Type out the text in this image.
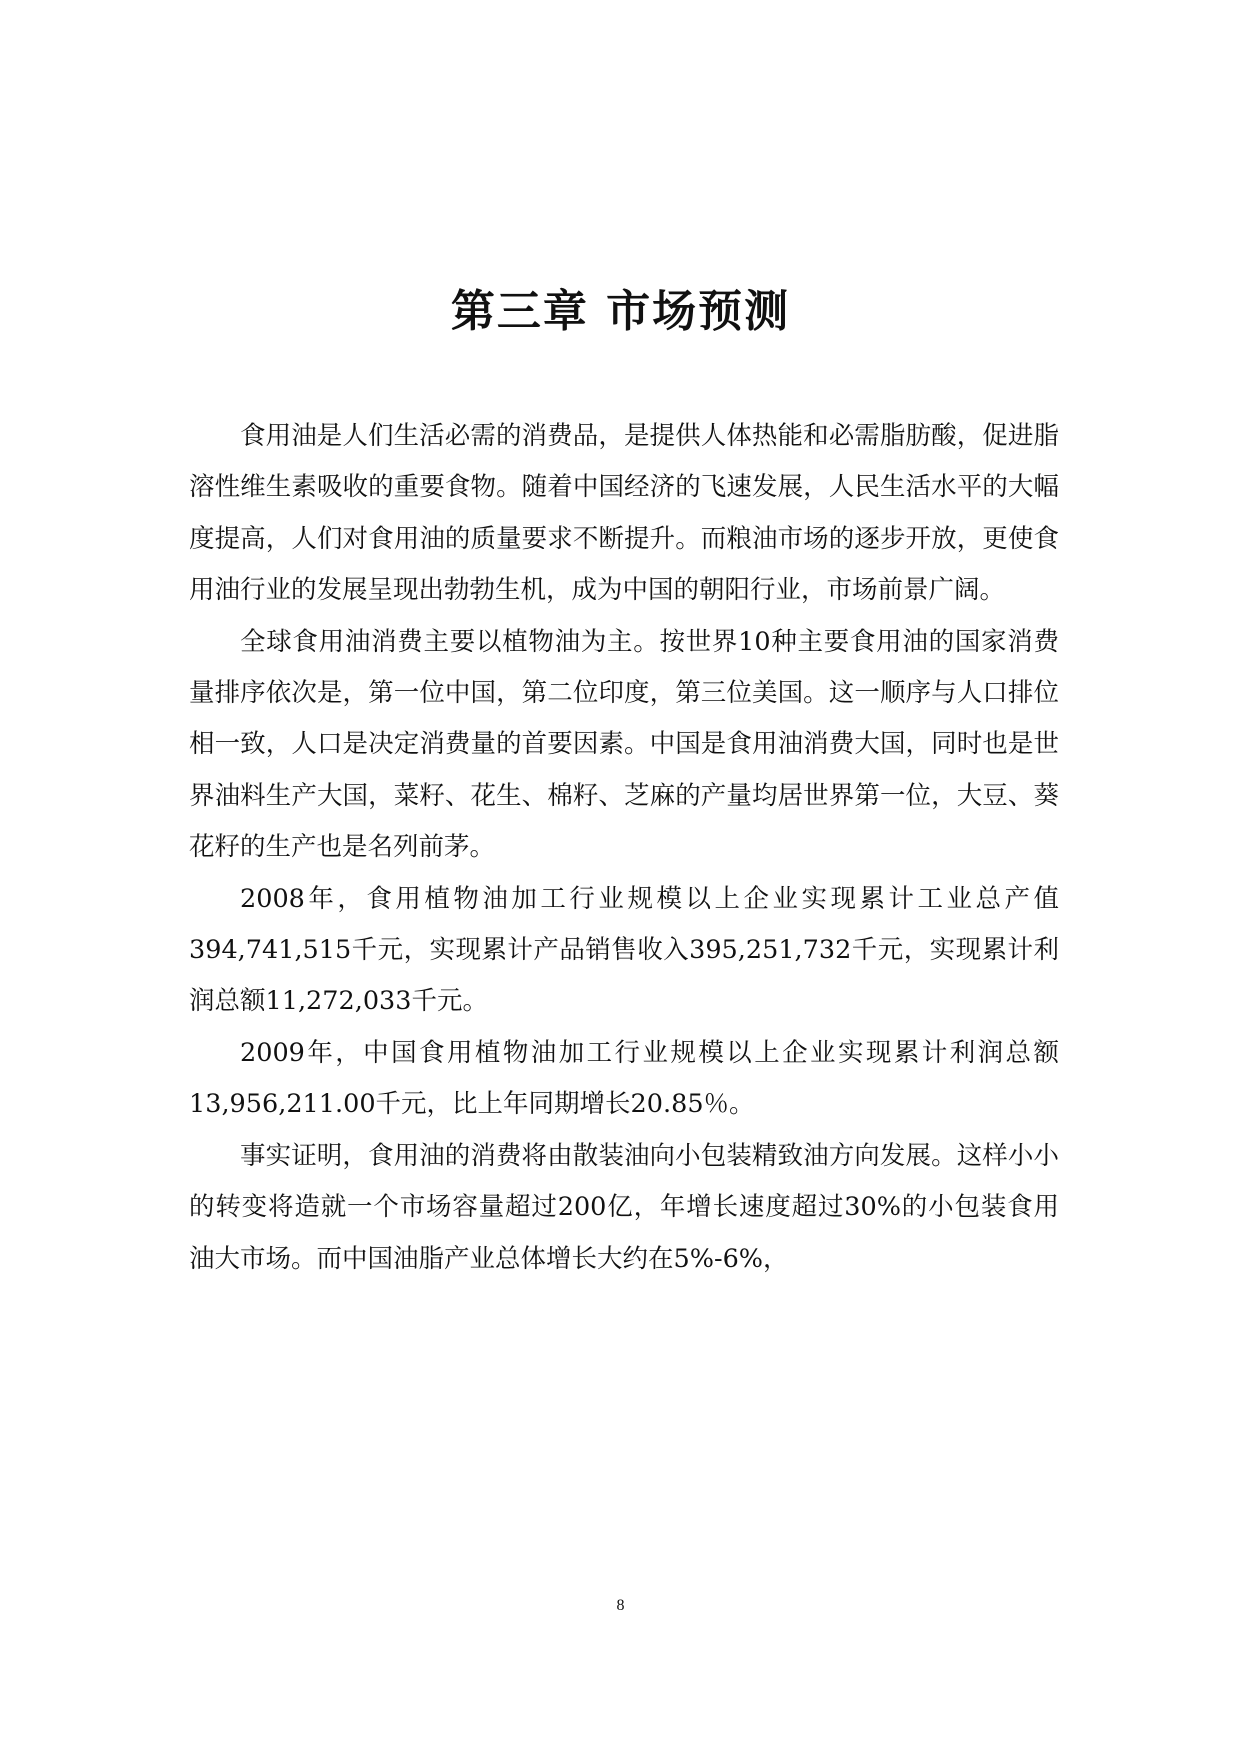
第三章 市场预测

食用油是人们生活必需的消费品，是提供人体热能和必需脂肪酸，促进脂溶性维生素吸收的重要食物。随着中国经济的飞速发展，人民生活水平的大幅度提高，人们对食用油的质量要求不断提升。而粮油市场的逐步开放，更使食用油行业的发展呈现出勃勃生机，成为中国的朝阳行业，市场前景广阔。

全球食用油消费主要以植物油为主。按世界10种主要食用油的国家消费量排序依次是，第一位中国，第二位印度，第三位美国。这一顺序与人口排位相一致，人口是决定消费量的首要因素。中国是食用油消费大国，同时也是世界油料生产大国，菜籽、花生、棉籽、芝麻的产量均居世界第一位，大豆、葵花籽的生产也是名列前茅。

2008年，食用植物油加工行业规模以上企业实现累计工业总产值394,741,515千元，实现累计产品销售收入395,251,732千元，实现累计利润总额11,272,033千元。

2009年，中国食用植物油加工行业规模以上企业实现累计利润总额13,956,211.00千元，比上年同期增长20.85％。

事实证明，食用油的消费将由散装油向小包装精致油方向发展。这样小小的转变将造就一个市场容量超过200亿，年增长速度超过30%的小包装食用油大市场。而中国油脂产业总体增长大约在5%-6%，

8
